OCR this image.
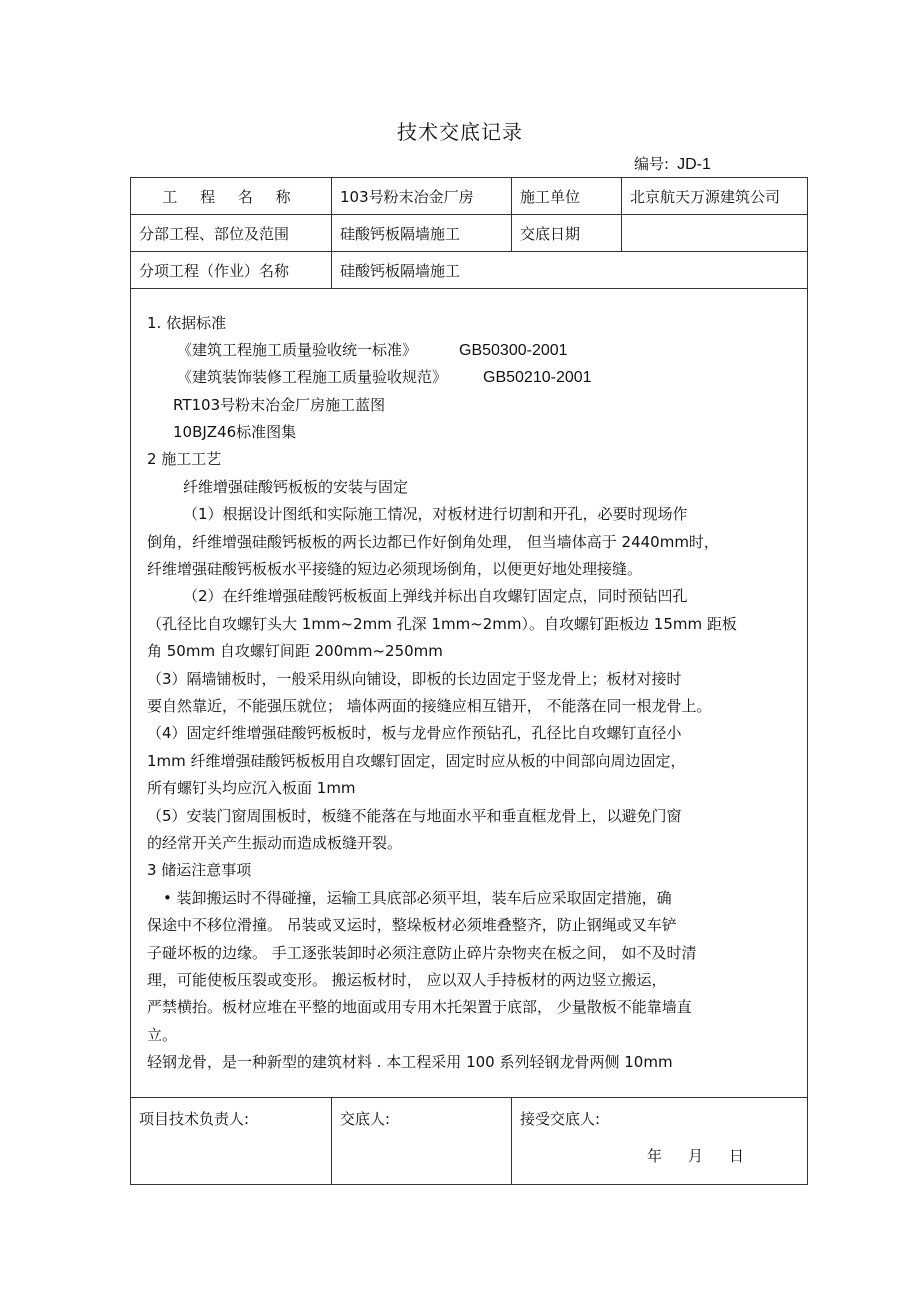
技术交底记录
编号: JD-1
工 程 名 称	103号粉末冶金厂房	施工单位	北京航天万源建筑公司
分部工程、部位及范围	硅酸钙板隔墙施工	交底日期	
分项工程（作业）名称	硅酸钙板隔墙施工		

1. 依据标准
《建筑工程施工质量验收统一标准》	GB50300-2001
《建筑装饰装修工程施工质量验收规范》 GB50210-2001
RT103号粉末冶金厂房施工蓝图
10BJZ46标准图集
2 施工工艺
纤维增强硅酸钙板板的安装与固定
（1）根据设计图纸和实际施工情况，对板材进行切割和开孔，必要时现场作
倒角，纤维增强硅酸钙板板的两长边都已作好倒角处理， 但当墙体高于 2440mm时，
纤维增强硅酸钙板板水平接缝的短边必须现场倒角，以便更好地处理接缝。
（2）在纤维增强硅酸钙板板面上弹线并标出自攻螺钉固定点，同时预钻凹孔
（孔径比自攻螺钉头大 1mm~2mm 孔深 1mm~2mm）。自攻螺钉距板边 15mm 距板
角 50mm 自攻螺钉间距 200mm~250mm
（3）隔墙铺板时，一般采用纵向铺设，即板的长边固定于竖龙骨上；板材对接时
要自然靠近，不能强压就位； 墙体两面的接缝应相互错开， 不能落在同一根龙骨上。
（4）固定纤维增强硅酸钙板板时，板与龙骨应作预钻孔，孔径比自攻螺钉直径小
1mm 纤维增强硅酸钙板板用自攻螺钉固定，固定时应从板的中间部向周边固定，
所有螺钉头均应沉入板面 1mm
（5）安装门窗周围板时，板缝不能落在与地面水平和垂直框龙骨上，以避免门窗
的经常开关产生振动而造成板缝开裂。
3 储运注意事项
• 装卸搬运时不得碰撞，运输工具底部必须平坦，装车后应采取固定措施，确
保途中不移位滑撞。 吊装或叉运时，整垛板材必须堆叠整齐，防止钢绳或叉车铲
子碰坏板的边缘。 手工逐张装卸时必须注意防止碎片杂物夹在板之间， 如不及时清
理，可能使板压裂或变形。 搬运板材时， 应以双人手持板材的两边竖立搬运，
严禁横抬。板材应堆在平整的地面或用专用木托架置于底部， 少量散板不能靠墙直
立。
轻钢龙骨，是一种新型的建筑材料 . 本工程采用 100 系列轻钢龙骨两侧 10mm

项目技术负责人:	交底人:	接受交底人:	
年 月 日
